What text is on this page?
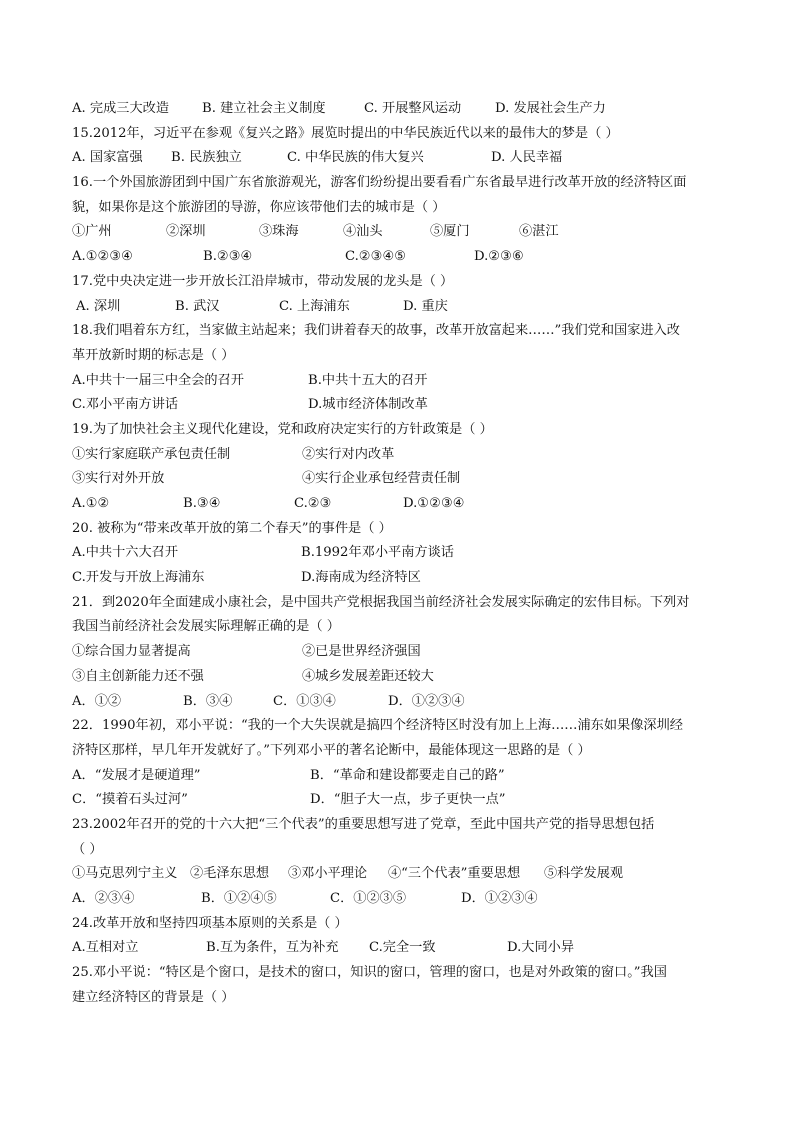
A. 完成三大改造 B. 建立社会主义制度	C. 开展整风运动	D. 发展社会生产力
15.2012年，习近平在参观《复兴之路》展览时提出的中华民族近代以来的最伟大的梦是（ ）
A. 国家富强 B. 民族独立	C. 中华民族的伟大复兴	D. 人民幸福
16.一个外国旅游团到中国广东省旅游观光，游客们纷纷提出要看看广东省最早进行改革开放的经济特区面
貌，如果你是这个旅游团的导游，你应该带他们去的城市是（ ）
①广州	②深圳	③珠海	④汕头	⑤厦门	⑥湛江
A.①②③④	B.②③④	C.②③④⑤	D.②③⑥
17.党中央决定进一步开放长江沿岸城市，带动发展的龙头是（ ）
A. 深圳	B. 武汉	C. 上海浦东	D. 重庆
18.我们唱着东方红，当家做主站起来；我们讲着春天的故事，改革开放富起来……”我们党和国家进入改
革开放新时期的标志是（ ）
A.中共十一届三中全会的召开	B.中共十五大的召开
C.邓小平南方讲话	D.城市经济体制改革
19.为了加快社会主义现代化建设，党和政府决定实行的方针政策是（ ）
①实行家庭联产承包责任制	②实行对内改革
③实行对外开放	④实行企业承包经营责任制
A.①②	B.③④	C.②③	D.①②③④
20. 被称为“带来改革开放的第二个春天”的事件是（ ）
A.中共十六大召开	B.1992年邓小平南方谈话
C.开发与开放上海浦东	D.海南成为经济特区
21．到2020年全面建成小康社会，是中国共产党根据我国当前经济社会发展实际确定的宏伟目标。下列对
我国当前经济社会发展实际理解正确的是（ ）
①综合国力显著提高	②已是世界经济强国
③自主创新能力还不强	④城乡发展差距还较大
A．①②	B．③④	C．①③④	D．①②③④
22．1990年初，邓小平说：“我的一个大失误就是搞四个经济特区时没有加上上海……浦东如果像深圳经
济特区那样，早几年开发就好了。”下列邓小平的著名论断中，最能体现这一思路的是（ ）
A．“发展才是硬道理”	B．“革命和建设都要走自己的路”
C．“摸着石头过河”	D．“胆子大一点，步子更快一点”
23.2002年召开的党的十六大把“三个代表”的重要思想写进了党章，至此中国共产党的指导思想包括
（ ）
①马克思列宁主义 ②毛泽东思想 ③邓小平理论 ④“三个代表”重要思想 ⑤科学发展观
A．②③④	B．①②④⑤	C．①②③⑤	D．①②③④
24.改革开放和坚持四项基本原则的关系是（ ）
A.互相对立	B.互为条件，互为补充 C.完全一致	D.大同小异
25.邓小平说：“特区是个窗口，是技术的窗口，知识的窗口，管理的窗口，也是对外政策的窗口。”我国
建立经济特区的背景是（ ）
